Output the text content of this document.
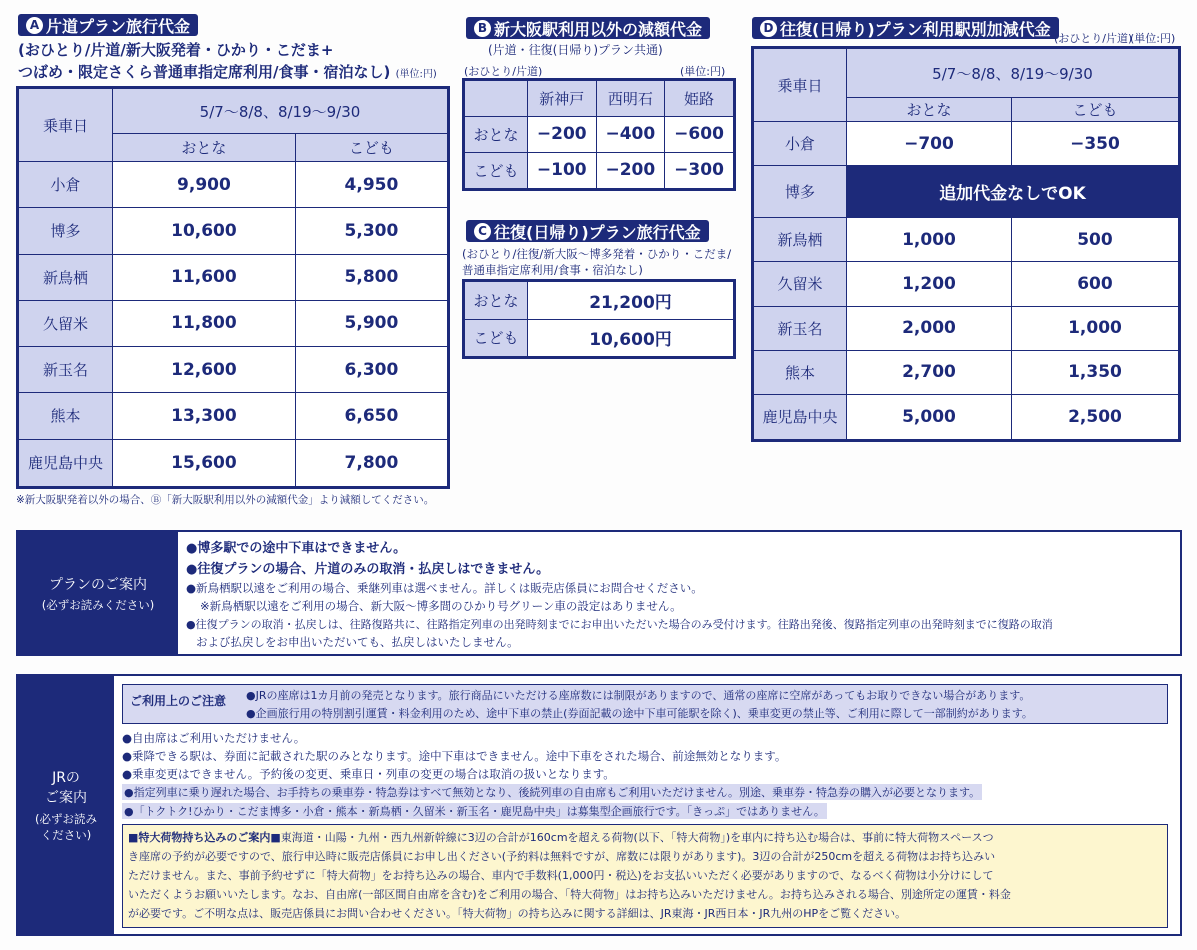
A 片道プラン旅行代金
(おひとり/片道/新大阪発着・ひかり・こだま+
つばめ・限定さくら普通車指定席利用/食事・宿泊なし) (単位:円)
乗車日	5/7〜8/8、8/19〜9/30	
	おとな	こども
小倉	9,900	4,950
博多	10,600	5,300
新鳥栖	11,600	5,800
久留米	11,800	5,900
新玉名	12,600	6,300
熊本	13,300	6,650
鹿児島中央	15,600	7,800
※新大阪駅発着以外の場合、Ⓑ「新大阪駅利用以外の減額代金」より減額してください。
B 新大阪駅利用以外の減額代金
(片道・往復(日帰り)プラン共通)
(おひとり/片道)	(単位:円)
	新神戸	西明石	姫路
おとな	−200	−400	−600
こども	−100	−200	−300
C 往復(日帰り)プラン旅行代金
(おひとり/往復/新大阪〜博多発着・ひかり・こだま/
普通車指定席利用/食事・宿泊なし)
おとな	21,200円
こども	10,600円
D 往復(日帰り)プラン利用駅別加減代金 (おひとり/片道)
(単位:円)
乗車日	5/7〜8/8、8/19〜9/30	
	おとな	こども
小倉	−700	−350
博多	追加代金なしでOK	
新鳥栖	1,000	500
久留米	1,200	600
新玉名	2,000	1,000
熊本	2,700	1,350
鹿児島中央	5,000	2,500
プランのご案内
(必ずお読みください)
●博多駅での途中下車はできません。
●往復プランの場合、片道のみの取消・払戻しはできません。
●新鳥栖駅以遠をご利用の場合、乗継列車は選べません。詳しくは販売店係員にお問合せください。
※新鳥栖駅以遠をご利用の場合、新大阪〜博多間のひかり号グリーン車の設定はありません。
●往復プランの取消・払戻しは、往路復路共に、往路指定列車の出発時刻までにお申出いただいた場合のみ受付けます。往路出発後、復路指定列車の出発時刻までに復路の取消
および払戻しをお申出いただいても、払戻しはいたしません。
JRの
ご案内
(必ずお読み
ください)
ご利用上のご注意 ●JRの座席は1カ月前の発売となります。旅行商品にいただける座席数には制限がありますので、通常の座席に空席があってもお取りできない場合があります。
●企画旅行用の特別割引運賃・料金利用のため、途中下車の禁止(券面記載の途中下車可能駅を除く)、乗車変更の禁止等、ご利用に際して一部制約があります。
●自由席はご利用いただけません。
●乗降できる駅は、券面に記載された駅のみとなります。途中下車はできません。途中下車をされた場合、前途無効となります。
●乗車変更はできません。予約後の変更、乗車日・列車の変更の場合は取消の扱いとなります。
●指定列車に乗り遅れた場合、お手持ちの乗車券・特急券はすべて無効となり、後続列車の自由席もご利用いただけません。別途、乗車券・特急券の購入が必要となります。
●「トクトク!ひかり・こだま博多・小倉・熊本・新鳥栖・久留米・新玉名・鹿児島中央」は募集型企画旅行です。「きっぷ」ではありません。
■特大荷物持ち込みのご案内■東海道・山陽・九州・西九州新幹線に3辺の合計が160cmを超える荷物(以下、「特大荷物」)を車内に持ち込む場合は、事前に特大荷物スペースつ
き座席の予約が必要ですので、旅行申込時に販売店係員にお申し出ください(予約料は無料ですが、席数には限りがあります)。3辺の合計が250cmを超える荷物はお持ち込みい
ただけません。また、事前予約せずに「特大荷物」をお持ち込みの場合、車内で手数料(1,000円・税込)をお支払いいただく必要がありますので、なるべく荷物は小分けにして
いただくようお願いいたします。なお、自由席(一部区間自由席を含む)をご利用の場合、「特大荷物」はお持ち込みいただけません。お持ち込みされる場合、別途所定の運賃・料金
が必要です。ご不明な点は、販売店係員にお問い合わせください。「特大荷物」の持ち込みに関する詳細は、JR東海・JR西日本・JR九州のHPをご覧ください。
